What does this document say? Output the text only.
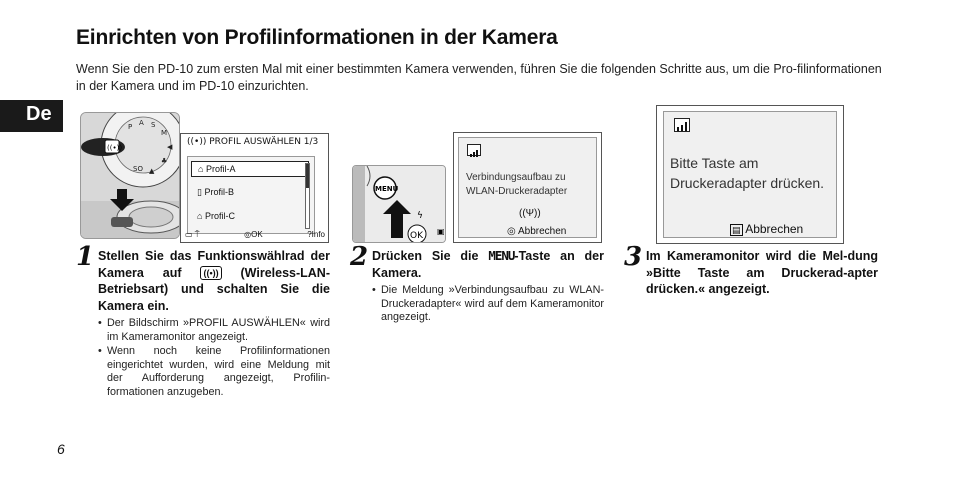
Einrichten von Profilinformationen in der Kamera

Wenn Sie den PD-10 zum ersten Mal mit einer bestimmten Kamera verwenden, führen Sie die folgenden Schritte aus, um die Pro-filinformationen in der Kamera und im PD-10 einzurichten.

De
P A S
M
◀
♣
▲
SO
((•))
((•)) PROFIL AUSWÄHLEN 1/3
⌂ Profil-A
▯ Profil-B
⌂ Profil-C
▭ ⍑	◎OK	?Info
MENU
OK
ϟ
▣
Verbindungsaufbau zu WLAN-Druckeradapter
((Ψ))
◎ Abbrechen
Bitte Taste am Druckeradapter drücken.
▤ Abbrechen
1 Stellen Sie das Funktionswählrad der Kamera auf ((•)) (Wireless-LAN-Betriebsart) und schalten Sie die Kamera ein.
• Der Bildschirm »PROFIL AUSWÄHLEN« wird im Kameramonitor angezeigt.
• Wenn noch keine Profilinformationen eingerichtet wurden, wird eine Meldung mit der Aufforderung angezeigt, Profilin-formationen anzugeben.
2 Drücken Sie die MENU-Taste an der Kamera.
• Die Meldung »Verbindungsaufbau zu WLAN-Druckeradapter« wird auf dem Kameramonitor angezeigt.
3 Im Kameramonitor wird die Mel-dung »Bitte Taste am Druckerad-apter drücken.« angezeigt.
6
